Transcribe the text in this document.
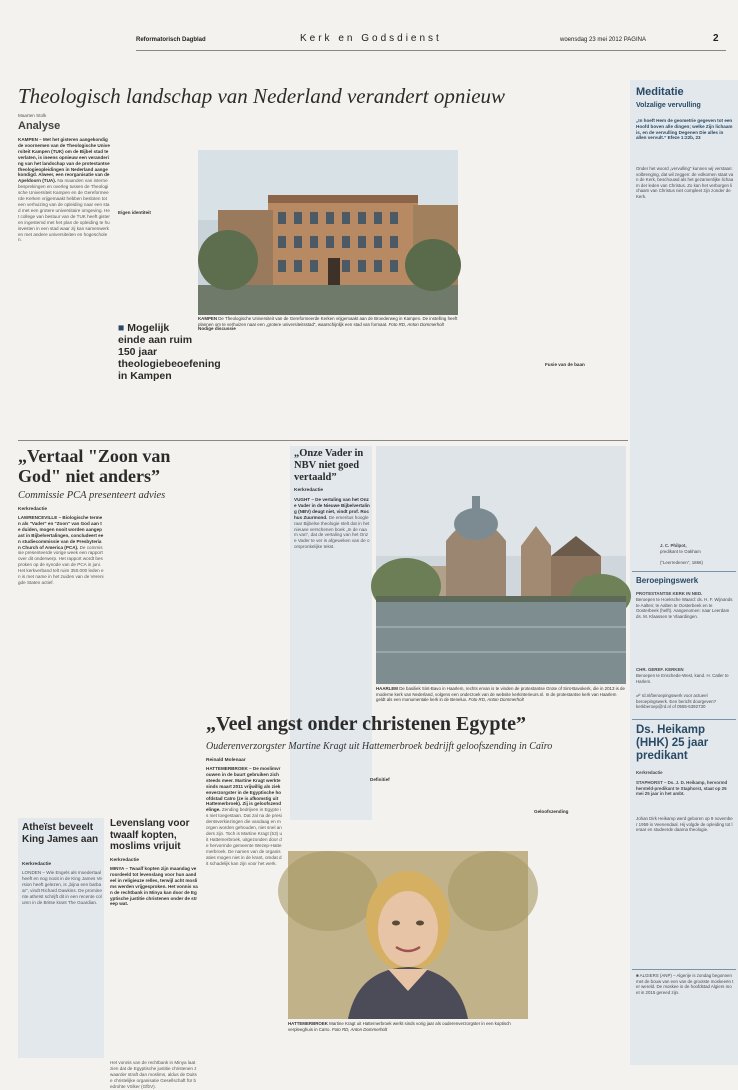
Reformatorisch Dagblad	Kerk en Godsdienst	woensdag 23 mei 2012 PAGINA	2
Theologisch landschap van Nederland verandert opnieuw	Meditatie
Volzalige vervulling
„In hoeft Hem de geometrie gegeven tot een Hoofd boven alle dingen; welke Zijn lichaam is, en de vervulling Degenen Die alles in allen vervult.” Efeze 1:22b, 23
Onder het woord „vervulling” kunnen wij verstaan: volbrenging, dat wil zeggen: de volkomen staat van de Kerk, beschouwd als het gezamenlijke lichaam der leden van Christus. Zo kan het verborgen lichaam van Christus niet compleet zijn zonder de Kerk.
J. C. Philpot,
predikant te Oakham
(“Leerredenen”, 1866)
Beroepingswerk
PROTESTANTSE KERK IN NED.
Beroepen te Hoeksche Waard: ds. H. F. Wijnands te Aalten; te Aalten te Oosterbeek en te Oosterbeek (helft). Aangenomen: naar Leerdam ds. M. Klaassen te Vlaardingen.
CHR. GEREF. KERKEN
Beroepen te Enschede-West, kand. H. Catler te Harlem.
☍ rd.nl/beroepingswerk voor actueel beroepingswerk. Een bericht doorgeven? kerkberoep@rd.nl of 0555-5392730
Ds. Heikamp (HHK) 25 jaar predikant
Kerkredactie
STAPHORST – Ds. J. D. Heikamp, hervormd hersteld-predikant te Staphorst, staat op 25 mei 25 jaar in het ambt.
Johan Dirk Heikamp werd geboren op 9 november 1959 in Veenendaal. Hij volgde de opleiding tot leraar en studeerde daarna theologie.
■ ALGIERS (ANP) – Algerije is zondag begonnen met de bouw van een van de grootste moskeeën ter wereld. De moskee in de hoofdstad Algiers moet in 2015 gereed zijn.
Maarten Stolk
Analyse
KAMPEN – Met het gisteren aangekondigde voornemen van de Theologische Universiteit Kampen (TUK) om de Bijbel stad te verlaten, is ineens opnieuw een verandering van het landschap van de protestantse theologieopleidingen in Nederland aangekondigd. Alweer, een reorganisatie van de Apeldoorn (TUA). Na maanden van interne besprekingen en overleg tussen de Theologische Universiteit Kampen en de Gereformeerde Kerken vrijgemaakt hebben besloten tot een verhuizing van de opleiding naar een stad met een grotere universitaire omgeving. Het college van bestuur van de TUK heeft gisteren ingestemd met het plan de opleiding te huisvesten in een stad waar zij kan samenwerken met andere universiteiten en hogescholen.
Eigen identiteit
■ Mogelijk einde aan ruim 150 jaar theologiebeoefening in Kampen
Nodige discussie
KAMPEN De Theologische Universiteit van de Gereformeerde Kerken vrijgemaakt aan de Broederweg in Kampen. De instelling heeft plannen om te verhuizen naar een „grotere universiteitsstad”, waarschijnlijk een stad van formaat. Foto RD, Anton Dommerholt
Fusie van de baan
„Vertaal "Zoon van God" niet anders”
Commissie PCA presenteert advies
Kerkredactie
LAWRENCEVILLE – Biologische termen als "Vader" en "Zoon" van God aan te duiden, mogen nooit worden aangepast in Bijbelvertalingen, concludeert een studiecommissie van de Presbyterian Church of America (PCA). De commissie presenteerde vorige week een rapport over dit onderwerp. Het rapport wordt besproken op de synode van de PCA in juni. Het kerkverband telt ruim 350.000 leden en is met name in het zuiden van de Verenigde Staten actief.
„Onze Vader in NBV niet goed vertaald”
Kerkredactie
VUGHT – De vertaling van het Onze Vader in de Nieuwe Bijbelvertaling (NBV) deugt niet, vindt prof. Rochus Zuurmond. De emeritus hoogleraar Bijbelse theologie stelt dat in het nieuwe verschenen boek „In de naam van”, dat de vertaling van het Onze Vader te ver is afgeweken van de oorspronkelijke tekst.
HAARLEM De basiliek Sint-Bavo in Haarlem, rechts ervan is te vinden de protestantse Grote of Sint-Bavokerk, die in 2013 is de moderne kerk van Nederland, volgens een onderzoek van de website kerkinterieurs.nl. In de protestantse kerk van Haarlem geldt als een monumentale kerk in de Benelux. Foto RD, Anton Dommerholt
„Veel angst onder christenen Egypte”
Ouderenverzorgster Martine Kragt uit Hattemerbroek bedrijft geloofszending in Caïro
Reinald Molenaar
HATTEMERBROEK – De moslimvrouwen in de buurt gebruiken zich steeds meer. Martine Kragt werkte sinds maart 2011 vrijwillig als ziekenverzorgster in de Egyptische hoofdstad Caïro (ze is afkomstig uit Hattemerbroek). Zij is geloofszendelinge. Zending bedrijven in Egypte is niet toegestaan. Dat zal na de presidentsverkiezingen die vandaag en morgen worden gehouden, niet snel anders zijn. Toch is Martine Kragt (53) uit Hattemerbroek, uitgezonden door de hervormde gemeente Wezep-Hattemerbroek. De namen van de organisaties mogen niet in de krant, omdat dit schadelijk kan zijn voor het werk.
Definitief
Geloofszending
HATTEMERBROEK Martine Kragt uit Hattemerbroek werkt sinds vorig jaar als ouderenverzorgster in een koptisch verpleeghuis in Caïro. Foto RD, Anton Dommerholt
Atheïst beveelt King James aan
Kerkredactie
LONDEN – Wie Engels als moedertaal heeft en nog nooit in de King James Version heeft gelezen, is „bijna een barbaar”, vindt Richard Dawkins. De prominente atheïst schrijft dit in een recente column in de Britse krant The Guardian.
Levenslang voor twaalf kopten, moslims vrijuit
Kerkredactie
MINYA – Twaalf kopten zijn maandag veroordeeld tot levenslang voor hun aandeel in religieuze relles, terwijl acht moslims werden vrijgesproken. Het vonnis van de rechtbank in Minya kan door de Egyptische justitie christenen onder de streep wat.
Het vonnis van de rechtbank in Minya laat zien dat de Egyptische justitie christenen zwaarder straft dan moslims, aldus de Duitse christelijke organisatie Gesellschaft für bedrohte Völker (GfbV).
